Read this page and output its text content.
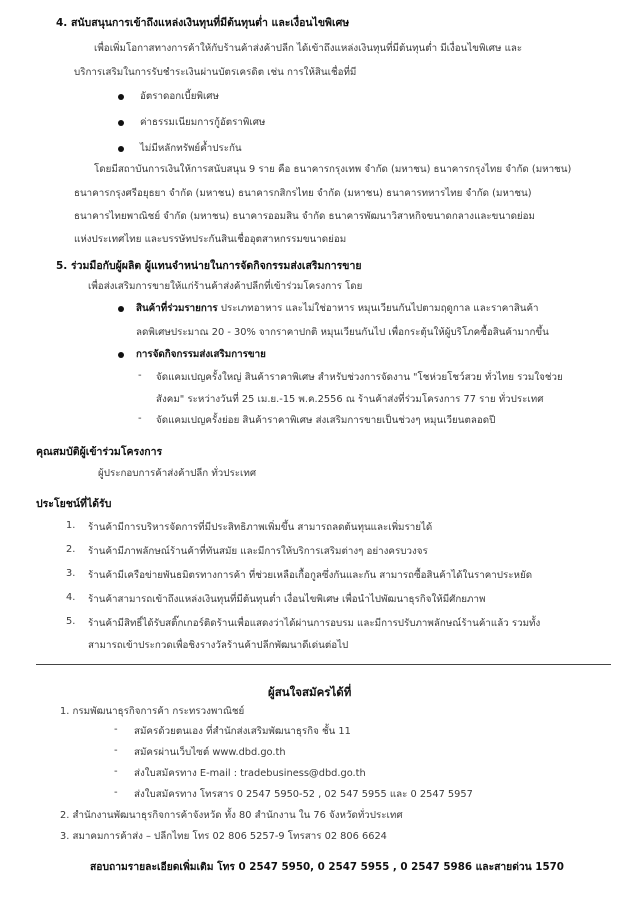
4. สนับสนุนการเข้าถึงแหล่งเงินทุนที่มีต้นทุนต่ำ และเงื่อนไขพิเศษ
เพื่อเพิ่มโอกาสทางการค้าให้กับร้านค้าส่งค้าปลีก ได้เข้าถึงแหล่งเงินทุนที่มีต้นทุนต่ำ มีเงื่อนไขพิเศษ และ
บริการเสริมในการรับชำระเงินผ่านบัตรเครดิต เช่น การให้สินเชื่อที่มี
อัตราดอกเบี้ยพิเศษ
ค่าธรรมเนียมการกู้อัตราพิเศษ
ไม่มีหลักทรัพย์ค้ำประกัน
โดยมีสถาบันการเงินให้การสนับสนุน 9 ราย คือ ธนาคารกรุงเทพ จำกัด (มหาชน) ธนาคารกรุงไทย จำกัด (มหาชน)
ธนาคารกรุงศรีอยุธยา จำกัด (มหาชน) ธนาคารกสิกรไทย จำกัด (มหาชน) ธนาคารทหารไทย จำกัด (มหาชน)
ธนาคารไทยพาณิชย์ จำกัด (มหาชน) ธนาคารออมสิน จำกัด ธนาคารพัฒนาวิสาหกิจขนาดกลางและขนาดย่อม
แห่งประเทศไทย และบรรษัทประกันสินเชื่ออุตสาหกรรมขนาดย่อม
5. ร่วมมือกับผู้ผลิต ผู้แทนจำหน่ายในการจัดกิจกรรมส่งเสริมการขาย
เพื่อส่งเสริมการขายให้แก่ร้านค้าส่งค้าปลีกที่เข้าร่วมโครงการ โดย
สินค้าที่ร่วมรายการ ประเภทอาหาร และไม่ใช่อาหาร หมุนเวียนกันไปตามฤดูกาล และราคาสินค้า
ลดพิเศษประมาณ 20 - 30% จากราคาปกติ หมุนเวียนกันไป เพื่อกระตุ้นให้ผู้บริโภคซื้อสินค้ามากขึ้น
การจัดกิจกรรมส่งเสริมการขาย
- จัดแคมเปญครั้งใหญ่ สินค้าราคาพิเศษ สำหรับช่วงการจัดงาน "โชห่วยโชว์สวย ทั่วไทย รวมใจช่วย
สังคม" ระหว่างวันที่ 25 เม.ย.-15 พ.ค.2556 ณ ร้านค้าส่งที่ร่วมโครงการ 77 ราย ทั่วประเทศ
- จัดแคมเปญครั้งย่อย สินค้าราคาพิเศษ ส่งเสริมการขายเป็นช่วงๆ หมุนเวียนตลอดปี
คุณสมบัติผู้เข้าร่วมโครงการ
ผู้ประกอบการค้าส่งค้าปลีก ทั่วประเทศ
ประโยชน์ที่ได้รับ
1. ร้านค้ามีการบริหารจัดการที่มีประสิทธิภาพเพิ่มขึ้น สามารถลดต้นทุนและเพิ่มรายได้
2. ร้านค้ามีภาพลักษณ์ร้านค้าที่ทันสมัย และมีการให้บริการเสริมต่างๆ อย่างครบวงจร
3. ร้านค้ามีเครือข่ายพันธมิตรทางการค้า ที่ช่วยเหลือเกื้อกูลซึ่งกันและกัน สามารถซื้อสินค้าได้ในราคาประหยัด
4. ร้านค้าสามารถเข้าถึงแหล่งเงินทุนที่มีต้นทุนต่ำ เงื่อนไขพิเศษ เพื่อนำไปพัฒนาธุรกิจให้มีศักยภาพ
5. ร้านค้ามีสิทธิ์ได้รับสติ๊กเกอร์ติดร้านเพื่อแสดงว่าได้ผ่านการอบรม และมีการปรับภาพลักษณ์ร้านค้าแล้ว รวมทั้ง
สามารถเข้าประกวดเพื่อชิงรางวัลร้านค้าปลีกพัฒนาดีเด่นต่อไป
ผู้สนใจสมัครได้ที่
1. กรมพัฒนาธุรกิจการค้า กระทรวงพาณิชย์
- สมัครด้วยตนเอง ที่สำนักส่งเสริมพัฒนาธุรกิจ ชั้น 11
- สมัครผ่านเว็บไซต์ www.dbd.go.th
- ส่งใบสมัครทาง E-mail : tradebusiness@dbd.go.th
- ส่งใบสมัครทาง โทรสาร 0 2547 5950-52 , 02 547 5955 และ 0 2547 5957
2. สำนักงานพัฒนาธุรกิจการค้าจังหวัด ทั้ง 80 สำนักงาน ใน 76 จังหวัดทั่วประเทศ
3. สมาคมการค้าส่ง – ปลีกไทย โทร 02 806 5257-9 โทรสาร 02 806 6624
สอบถามรายละเอียดเพิ่มเติม โทร 0 2547 5950, 0 2547 5955 , 0 2547 5986 และสายด่วน 1570
